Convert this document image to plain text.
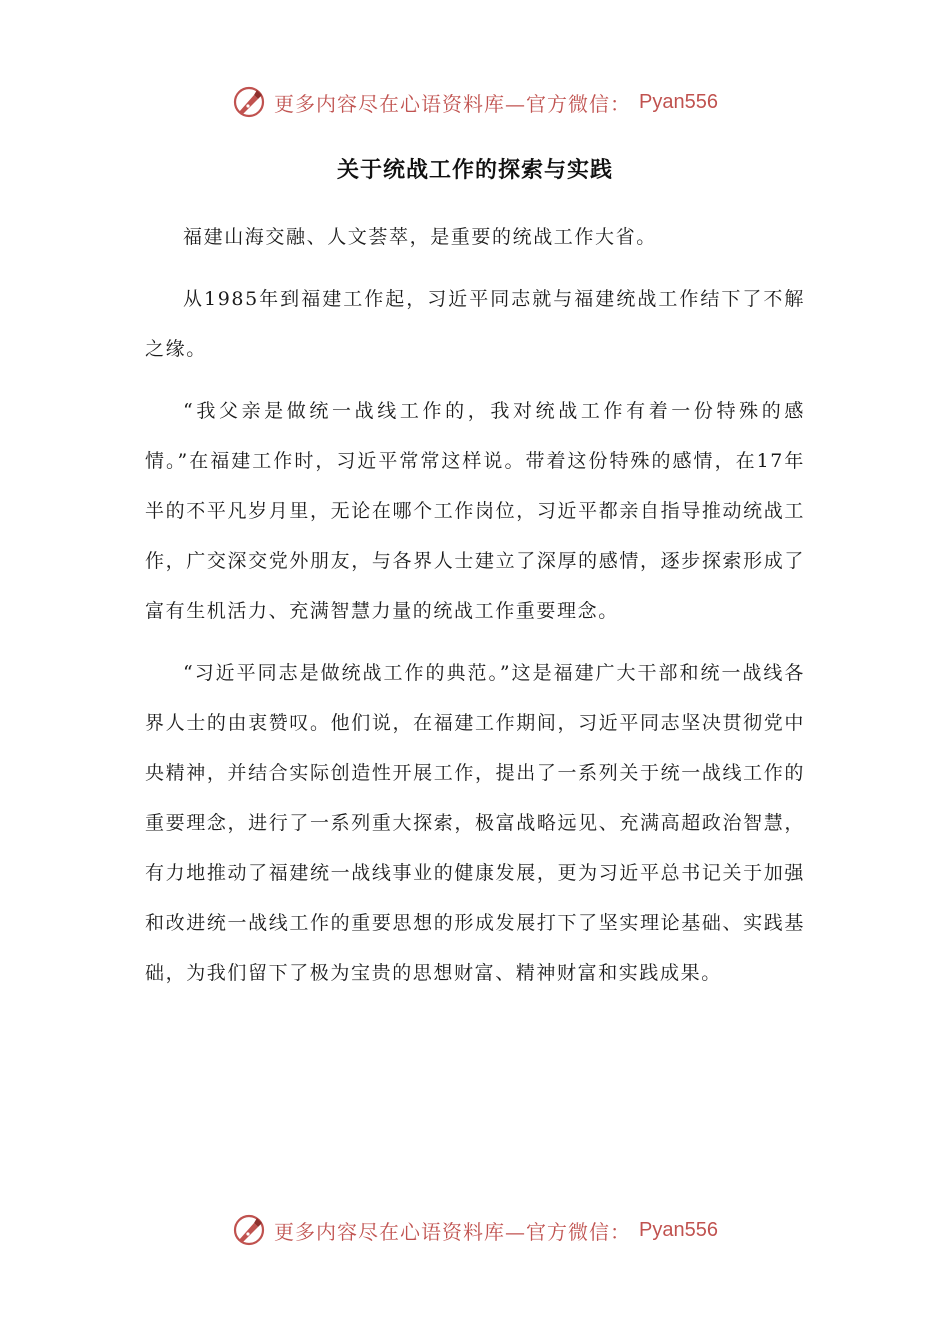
更多内容尽在心语资料库—官方微信： Pyan556
关于统战工作的探索与实践

福建山海交融、人文荟萃，是重要的统战工作大省。

从1985年到福建工作起，习近平同志就与福建统战工作结下了不解之缘。

“我父亲是做统一战线工作的，我对统战工作有着一份特殊的感情。”在福建工作时，习近平常常这样说。带着这份特殊的感情，在17年半的不平凡岁月里，无论在哪个工作岗位，习近平都亲自指导推动统战工作，广交深交党外朋友，与各界人士建立了深厚的感情，逐步探索形成了富有生机活力、充满智慧力量的统战工作重要理念。

“习近平同志是做统战工作的典范。”这是福建广大干部和统一战线各界人士的由衷赞叹。他们说，在福建工作期间，习近平同志坚决贯彻党中央精神，并结合实际创造性开展工作，提出了一系列关于统一战线工作的重要理念，进行了一系列重大探索，极富战略远见、充满高超政治智慧，有力地推动了福建统一战线事业的健康发展，更为习近平总书记关于加强和改进统一战线工作的重要思想的形成发展打下了坚实理论基础、实践基础，为我们留下了极为宝贵的思想财富、精神财富和实践成果。

更多内容尽在心语资料库—官方微信： Pyan556
